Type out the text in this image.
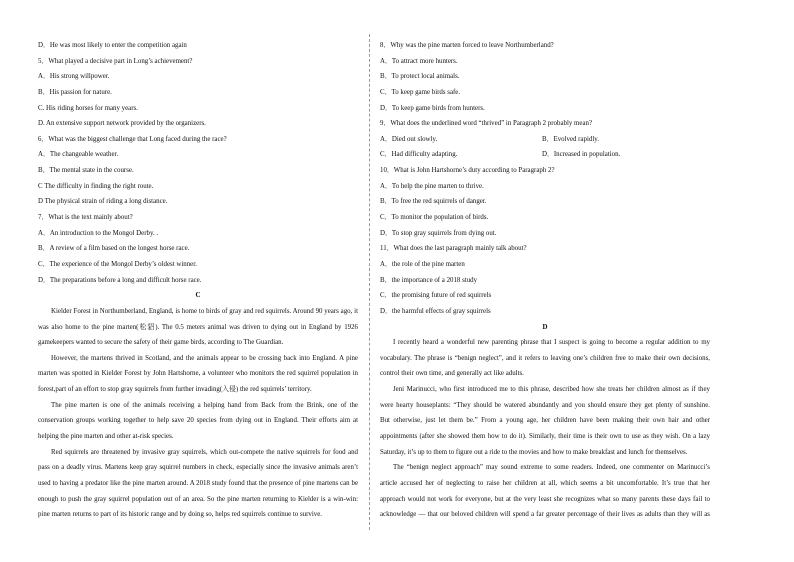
D．He was most likely to enter the competition again
5．What played a decisive part in Long’s achievement?
A．His strong willpower.
B．His passion for nature.
C. His riding horses for many years.
D. An extensive support network provided by the organizers.
6．What was the biggest challenge that Long faced during the race?
A．The changeable weather.
B．The mental state in the course.
C The difficulty in finding the right route.
D The physical strain of riding a long distance.
7．What is the text mainly about?
A．An introduction to the Mongol Derby. .
B．A review of a film based on the longest horse race.
C．The experience of the Mongol Derby’s oldest winner.
D．The preparations before a long and difficult horse race.
C
Kielder Forest in Northumberland, England, is home to birds of gray and red squirrels. Around 90 years ago, it
was also home to the pine marten(松貂). The 0.5 meters animal was driven to dying out in England by 1926
gamekeepers wanted to secure the safety of their game birds, according to The Guardian.
However, the martens thrived in Scotland, and the animals appear to be crossing back into England. A pine
marten was spotted in Kielder Forest by John Hartshorne, a volunteer who monitors the red squirrel population in
forest,part of an effort to stop gray squirrels from further invading(入侵) the red squirrels’ territory.
The pine marten is one of the animals receiving a helping hand from Back from the Brink, one of the
conservation groups working together to help save 20 species from dying out in England. Their efforts aim at
helping the pine marten and other at-risk species.
Red squirrels are threatened by invasive gray squirrels, which out-compete the native squirrels for food and
pass on a deadly virus. Martens keep gray squirrel numbers in check, especially since the invasive animals aren’t
used to having a predator like the pine marten around. A 2018 study found that the presence of pine martens can be
enough to push the gray squirrel population out of an area. So the pine marten returning to Kielder is a win-win:
pine marten returns to part of its historic range and by doing so, helps red squirrels continue to survive.
8．Why was the pine marten forced to leave Northumberland?
A．To attract more hunters.
B．To protect local animals.
C．To keep game birds safe.
D．To keep game birds from hunters.
9．What does the underlined word “thrived” in Paragraph 2 probably mean?
A．Died out slowly.	B．Evolved rapidly.
C．Had difficulty adapting.	D．Increased in population.
10．What is John Hartshorne’s duty according to Paragraph 2?
A．To help the pine marten to thrive.
B．To free the red squirrels of danger.
C．To monitor the population of birds.
D．To stop gray squirrels from dying out.
11．What does the last paragraph mainly talk about?
A．the role of the pine marten
B．the importance of a 2018 study
C．the promising future of red squirrels
D．the harmful effects of gray squirrels
D
I recently heard a wonderful new parenting phrase that I suspect is going to become a regular addition to my
vocabulary. The phrase is “benign neglect”, and it refers to leaving one’s children free to make their own decisions,
control their own time, and generally act like adults.
Jeni Marinucci, who first introduced me to this phrase, described how she treats her children almost as if they
were hearty houseplants: “They should be watered abundantly and you should ensure they get plenty of sunshine.
But otherwise, just let them be.” From a young age, her children have been making their own hair and other
appointments (after she showed them how to do it). Similarly, their time is their own to use as they wish. On a lazy
Saturday, it’s up to them to figure out a ride to the movies and how to make breakfast and lunch for themselves.
The “benign neglect approach” may sound extreme to some readers. Indeed, one commenter on Marinucci’s
article accused her of neglecting to raise her children at all, which seems a bit uncomfortable. It’s true that her
approach would not work for everyone, but at the very least she recognizes what so many parents these days fail to
acknowledge — that our beloved children will spend a far greater percentage of their lives as adults than they will as
